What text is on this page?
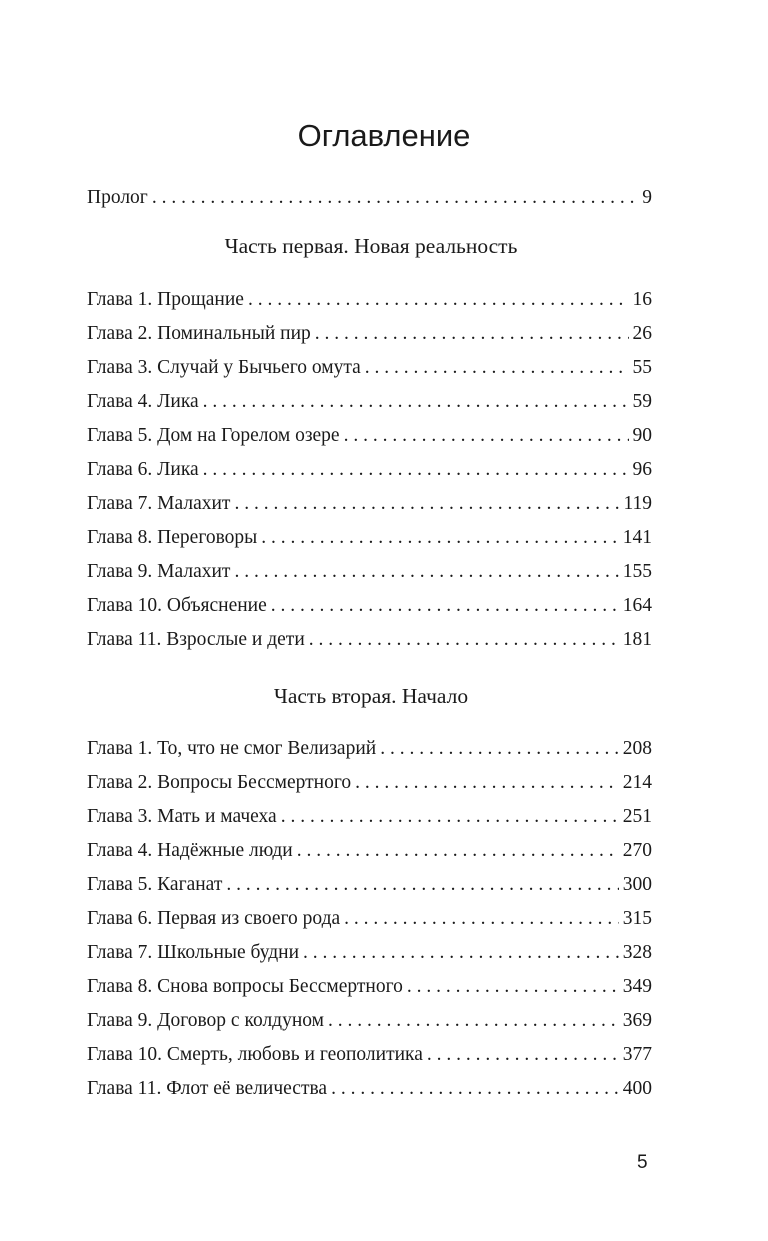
Оглавление
Пролог . . .	9
Часть первая. Новая реальность
Глава 1. Прощание . . .	16
Глава 2. Поминальный пир . . .	26
Глава 3. Случай у Бычьего омута . . .	55
Глава 4. Лика . . .	59
Глава 5. Дом на Горелом озере . . .	90
Глава 6. Лика . . .	96
Глава 7. Малахит . . .	119
Глава 8. Переговоры . . .	141
Глава 9. Малахит . . .	155
Глава 10. Объяснение . . .	164
Глава 11. Взрослые и дети . . .	181
Часть вторая. Начало
Глава 1. То, что не смог Велизарий . . .	208
Глава 2. Вопросы Бессмертного . . .	214
Глава 3. Мать и мачеха . . .	251
Глава 4. Надёжные люди . . .	270
Глава 5. Каганат . . .	300
Глава 6. Первая из своего рода . . .	315
Глава 7. Школьные будни . . .	328
Глава 8. Снова вопросы Бессмертного . . .	349
Глава 9. Договор с колдуном . . .	369
Глава 10. Смерть, любовь и геополитика . . .	377
Глава 11. Флот её величества . . .	400
5
